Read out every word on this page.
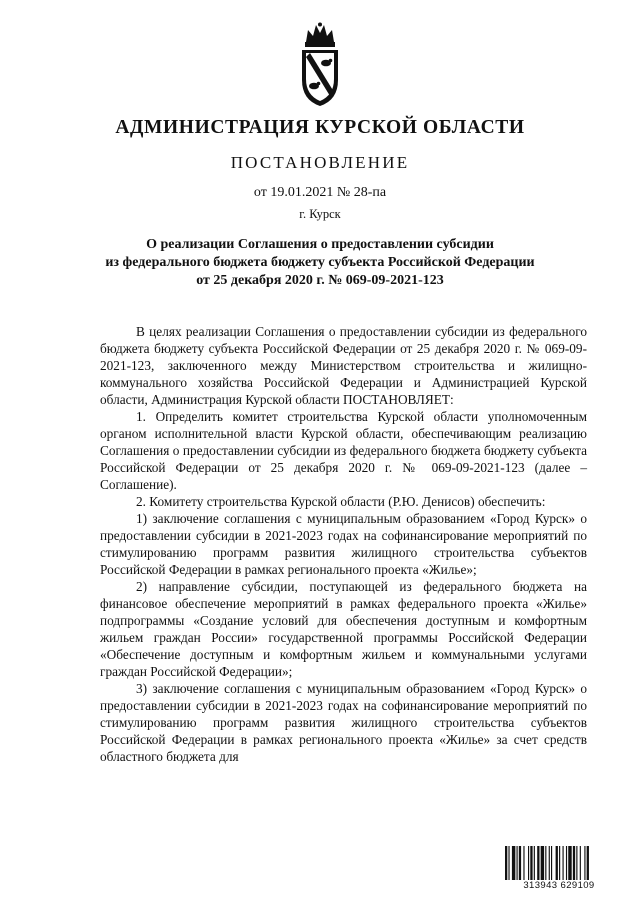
АДМИНИСТРАЦИЯ КУРСКОЙ ОБЛАСТИ
ПОСТАНОВЛЕНИЕ
от 19.01.2021 № 28-па
г. Курск
О реализации Соглашения о предоставлении субсидии
из федерального бюджета бюджету субъекта Российской Федерации
от 25 декабря 2020 г. № 069-09-2021-123

В целях реализации Соглашения о предоставлении субсидии из федерального бюджета бюджету субъекта Российской Федерации от 25 декабря 2020 г. № 069-09-2021-123, заключенного между Министерством строительства и жилищно-коммунального хозяйства Российской Федерации и Администрацией Курской области, Администрация Курской области ПОСТАНОВЛЯЕТ:

1. Определить комитет строительства Курской области уполномоченным органом исполнительной власти Курской области, обеспечивающим реализацию Соглашения о предоставлении субсидии из федерального бюджета бюджету субъекта Российской Федерации от 25 декабря 2020 г. № 069-09-2021-123 (далее – Соглашение).

2. Комитету строительства Курской области (Р.Ю. Денисов) обеспечить:

1) заключение соглашения с муниципальным образованием «Город Курск» о предоставлении субсидии в 2021-2023 годах на софинансирование мероприятий по стимулированию программ развития жилищного строительства субъектов Российской Федерации в рамках регионального проекта «Жилье»;

2) направление субсидии, поступающей из федерального бюджета на финансовое обеспечение мероприятий в рамках федерального проекта «Жилье» подпрограммы «Создание условий для обеспечения доступным и комфортным жильем граждан России» государственной программы Российской Федерации «Обеспечение доступным и комфортным жильем и коммунальными услугами граждан Российской Федерации»;

3) заключение соглашения с муниципальным образованием «Город Курск» о предоставлении субсидии в 2021-2023 годах на софинансирование мероприятий по стимулированию программ развития жилищного строительства субъектов Российской Федерации в рамках регионального проекта «Жилье» за счет средств областного бюджета для

313943 629109
